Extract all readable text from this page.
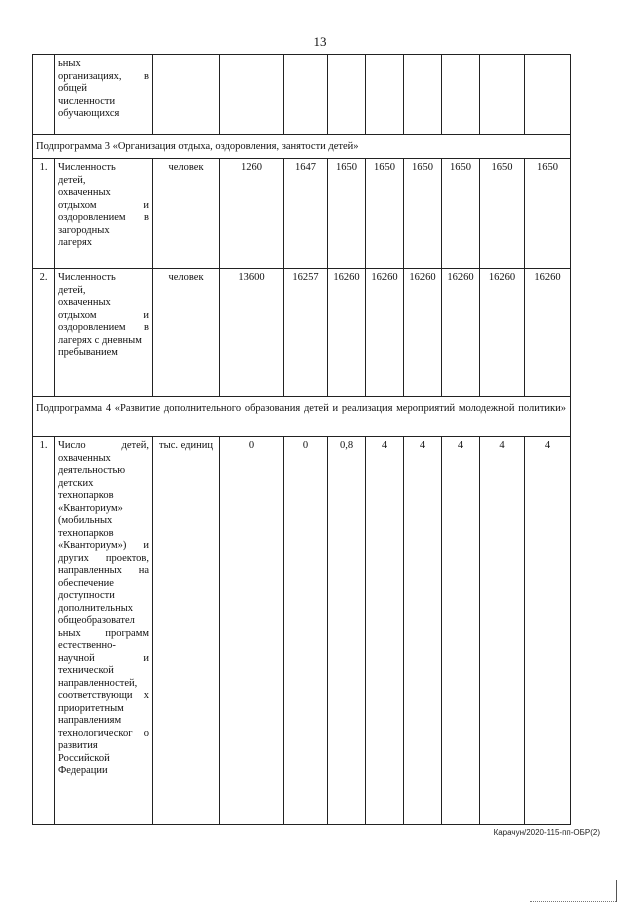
13
	ьных
организациях, в общей
численности
обучающихся									
Подпрограмма 3 «Организация отдыха, оздоровления, занятости детей»										
1.	Численность
детей,
охваченных
отдыхом и оздоровлением в загородных
лагерях	человек	1260	1647	1650	1650	1650	1650	1650	1650
2.	Численность
детей,
охваченных
отдыхом и оздоровлением в лагерях с дневным
пребыванием	человек	13600	16257	16260	16260	16260	16260	16260	16260
Подпрограмма 4 «Развитие дополнительного образования детей и реализация мероприятий молодежной политики»										
1.	Число детей, охваченных деятельностью детских технопарков «Кванториум» (мобильных технопарков «Кванториум») и других проектов, направленных на обеспечение доступности дополнительных общеобразовател ьных программ естественно-научной и технической направленностей, соответствующи х приоритетным направлениям технологическог о развития Российской Федерации	тыс. единиц	0	0	0,8	4	4	4	4	4
Карачун/2020-115-пп-ОБР(2)
